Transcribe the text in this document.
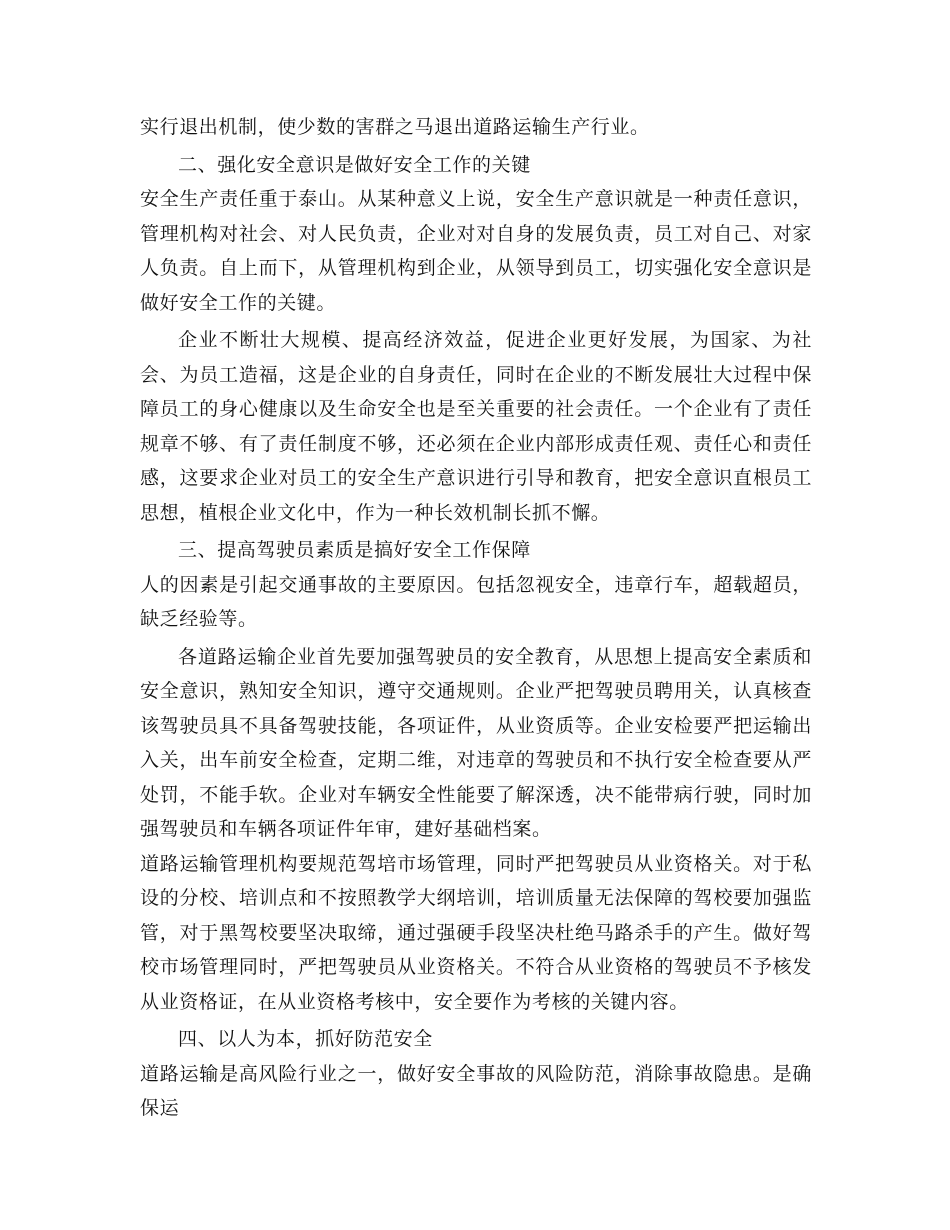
实行退出机制，使少数的害群之马退出道路运输生产行业。

二、强化安全意识是做好安全工作的关键

安全生产责任重于泰山。从某种意义上说，安全生产意识就是一种责任意识，管理机构对社会、对人民负责，企业对对自身的发展负责，员工对自己、对家人负责。自上而下，从管理机构到企业，从领导到员工，切实强化安全意识是做好安全工作的关键。

企业不断壮大规模、提高经济效益，促进企业更好发展，为国家、为社会、为员工造福，这是企业的自身责任，同时在企业的不断发展壮大过程中保障员工的身心健康以及生命安全也是至关重要的社会责任。一个企业有了责任规章不够、有了责任制度不够，还必须在企业内部形成责任观、责任心和责任感，这要求企业对员工的安全生产意识进行引导和教育，把安全意识直根员工思想，植根企业文化中，作为一种长效机制长抓不懈。

三、提高驾驶员素质是搞好安全工作保障

人的因素是引起交通事故的主要原因。包括忽视安全，违章行车，超载超员，缺乏经验等。

各道路运输企业首先要加强驾驶员的安全教育，从思想上提高安全素质和安全意识，熟知安全知识，遵守交通规则。企业严把驾驶员聘用关，认真核查该驾驶员具不具备驾驶技能，各项证件，从业资质等。企业安检要严把运输出入关，出车前安全检查，定期二维，对违章的驾驶员和不执行安全检查要从严处罚，不能手软。企业对车辆安全性能要了解深透，决不能带病行驶，同时加强驾驶员和车辆各项证件年审，建好基础档案。

道路运输管理机构要规范驾培市场管理，同时严把驾驶员从业资格关。对于私设的分校、培训点和不按照教学大纲培训，培训质量无法保障的驾校要加强监管，对于黑驾校要坚决取缔，通过强硬手段坚决杜绝马路杀手的产生。做好驾校市场管理同时，严把驾驶员从业资格关。不符合从业资格的驾驶员不予核发从业资格证，在从业资格考核中，安全要作为考核的关键内容。

四、以人为本，抓好防范安全

道路运输是高风险行业之一，做好安全事故的风险防范，消除事故隐患。是确保运
